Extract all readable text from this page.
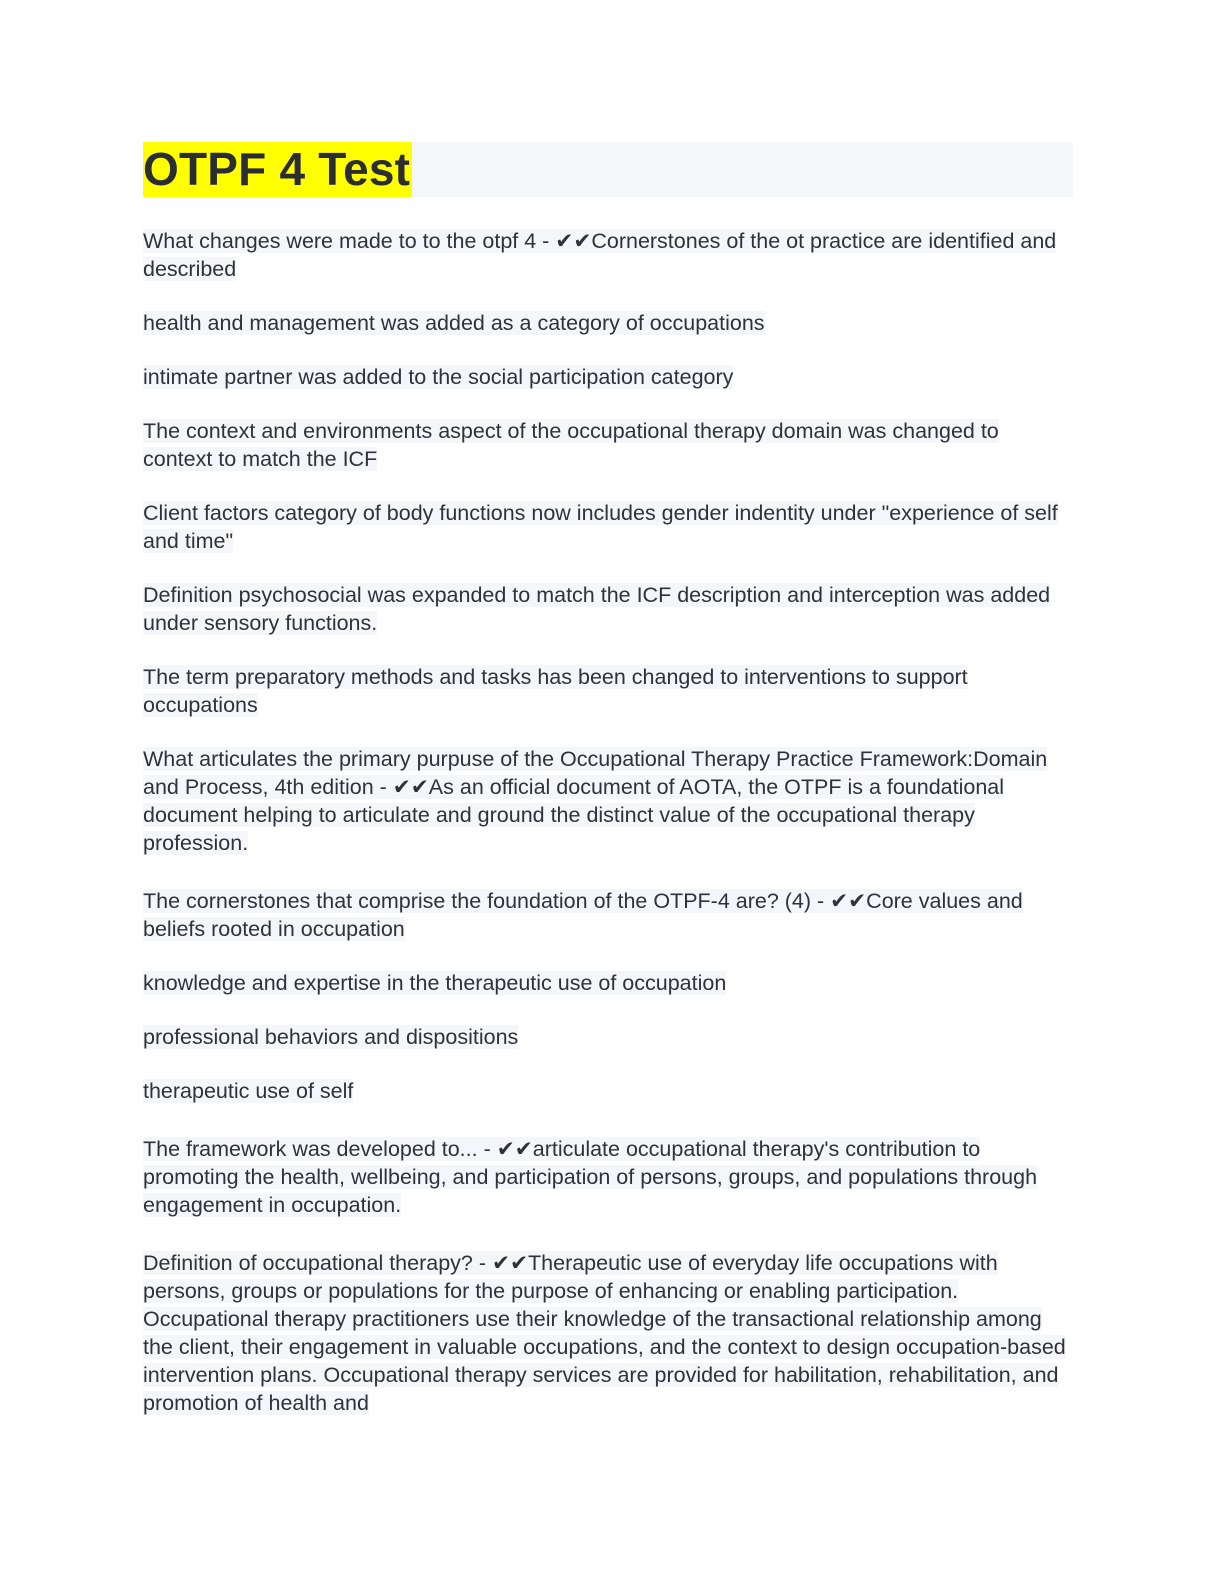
OTPF 4 Test

What changes were made to to the otpf 4 - ✔✔Cornerstones of the ot practice are identified and described

health and management was added as a category of occupations

intimate partner was added to the social participation category

The context and environments aspect of the occupational therapy domain was changed to context to match the ICF

Client factors category of body functions now includes gender indentity under "experience of self and time"

Definition psychosocial was expanded to match the ICF description and interception was added under sensory functions.

The term preparatory methods and tasks has been changed to interventions to support occupations

What articulates the primary purpuse of the Occupational Therapy Practice Framework:Domain and Process, 4th edition - ✔✔As an official document of AOTA, the OTPF is a foundational document helping to articulate and ground the distinct value of the occupational therapy profession.

The cornerstones that comprise the foundation of the OTPF-4 are? (4) - ✔✔Core values and beliefs rooted in occupation

knowledge and expertise in the therapeutic use of occupation

professional behaviors and dispositions

therapeutic use of self

The framework was developed to... - ✔✔articulate occupational therapy's contribution to promoting the health, wellbeing, and participation of persons, groups, and populations through engagement in occupation.

Definition of occupational therapy? - ✔✔Therapeutic use of everyday life occupations with persons, groups or populations for the purpose of enhancing or enabling participation. Occupational therapy practitioners use their knowledge of the transactional relationship among the client, their engagement in valuable occupations, and the context to design occupation-based intervention plans. Occupational therapy services are provided for habilitation, rehabilitation, and promotion of health and
